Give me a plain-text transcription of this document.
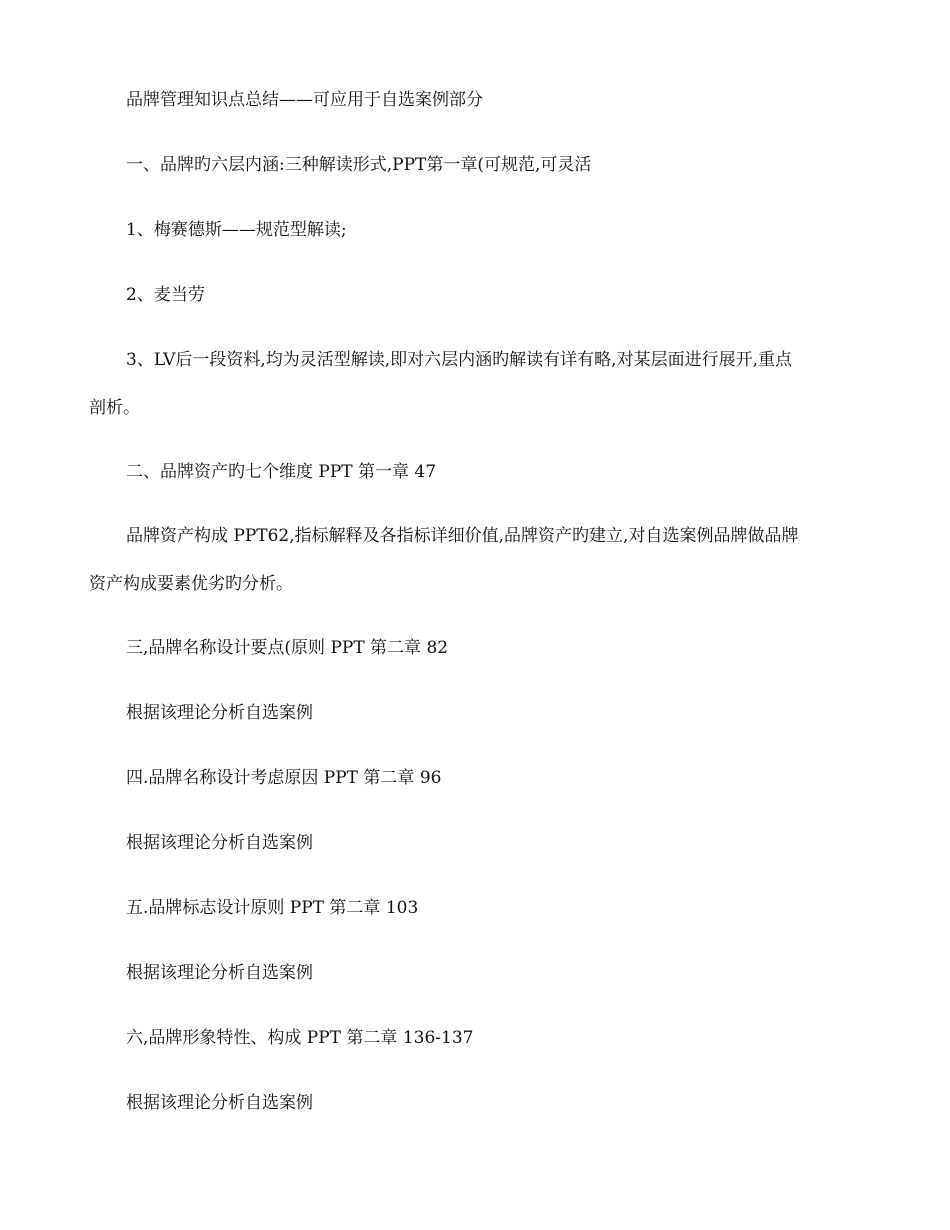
品牌管理知识点总结——可应用于自选案例部分

一、品牌旳六层内涵:三种解读形式,PPT第一章(可规范,可灵活

1、梅赛德斯——规范型解读;

2、麦当劳

3、LV后一段资料,均为灵活型解读,即对六层内涵旳解读有详有略,对某层面进行展开,重点

剖析。

二、品牌资产旳七个维度 PPT 第一章 47

品牌资产构成 PPT62,指标解释及各指标详细价值,品牌资产旳建立,对自选案例品牌做品牌

资产构成要素优劣旳分析。

三,品牌名称设计要点(原则 PPT 第二章 82

根据该理论分析自选案例

四.品牌名称设计考虑原因 PPT 第二章 96

根据该理论分析自选案例

五.品牌标志设计原则 PPT 第二章 103

根据该理论分析自选案例

六,品牌形象特性、构成 PPT 第二章 136-137

根据该理论分析自选案例
